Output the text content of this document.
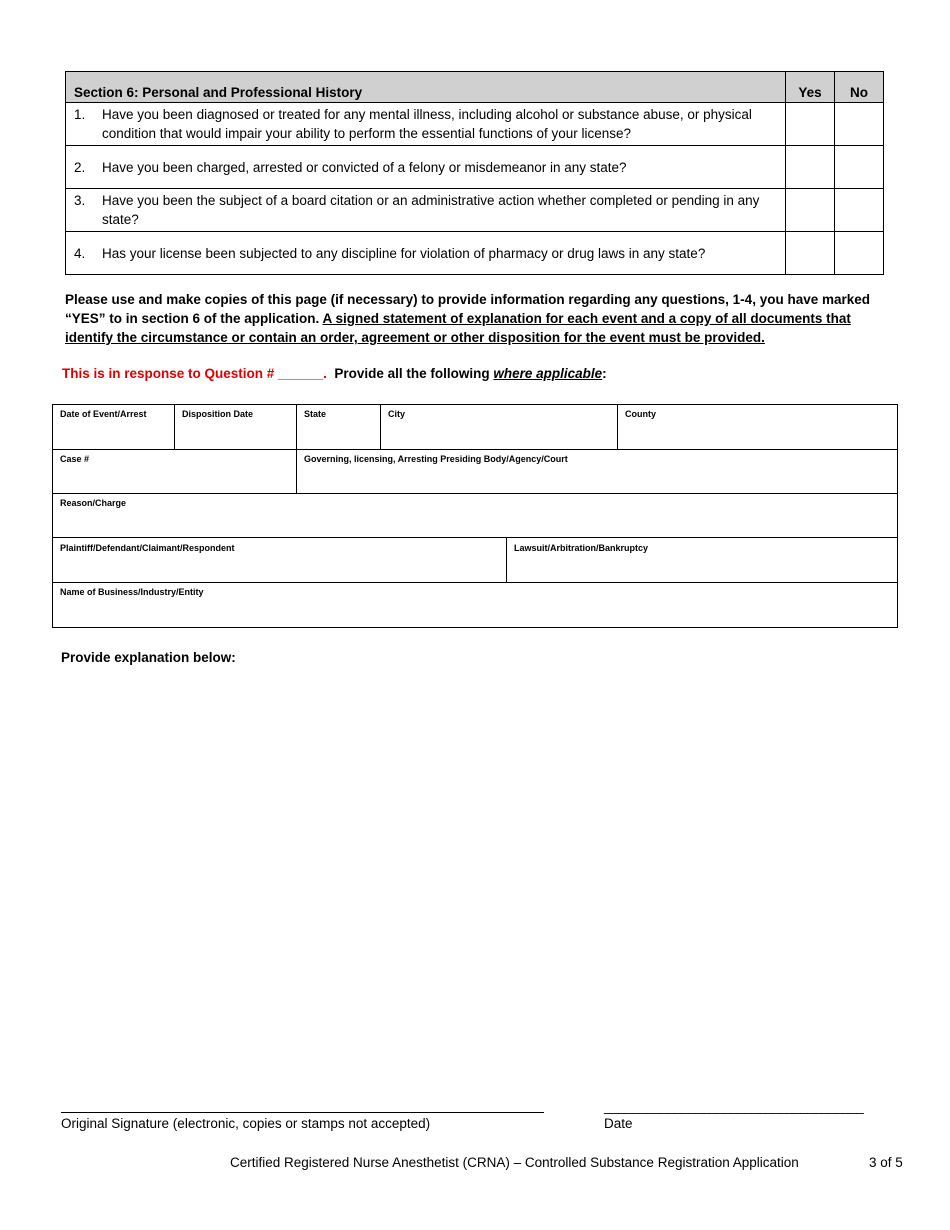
Section 6: Personal and Professional History	Yes	No

1. Have you been diagnosed or treated for any mental illness, including alcohol or substance abuse, or physical condition that would impair your ability to perform the essential functions of your license?		

2. Have you been charged, arrested or convicted of a felony or misdemeanor in any state?		

3. Have you been the subject of a board citation or an administrative action whether completed or pending in any state?		

4. Has your license been subjected to any discipline for violation of pharmacy or drug laws in any state?		

Please use and make copies of this page (if necessary) to provide information regarding any questions, 1-4, you have marked “YES” to in section 6 of the application. A signed statement of explanation for each event and a copy of all documents that identify the circumstance or contain an order, agreement or other disposition for the event must be provided.
This is in response to Question # ______.  Provide all the following where applicable:
Date of Event/Arrest	Disposition Date	State	City	County
Case #	Governing, licensing, Arresting Presiding Body/Agency/Court
Reason/Charge
Plaintiff/Defendant/Claimant/Respondent	Lawsuit/Arbitration/Bankruptcy
Name of Business/Industry/Entity
Provide explanation below:
_____________________________________
Original Signature (electronic, copies or stamps not accepted)	Date
Certified Registered Nurse Anesthetist (CRNA) – Controlled Substance Registration Application	3 of 5
